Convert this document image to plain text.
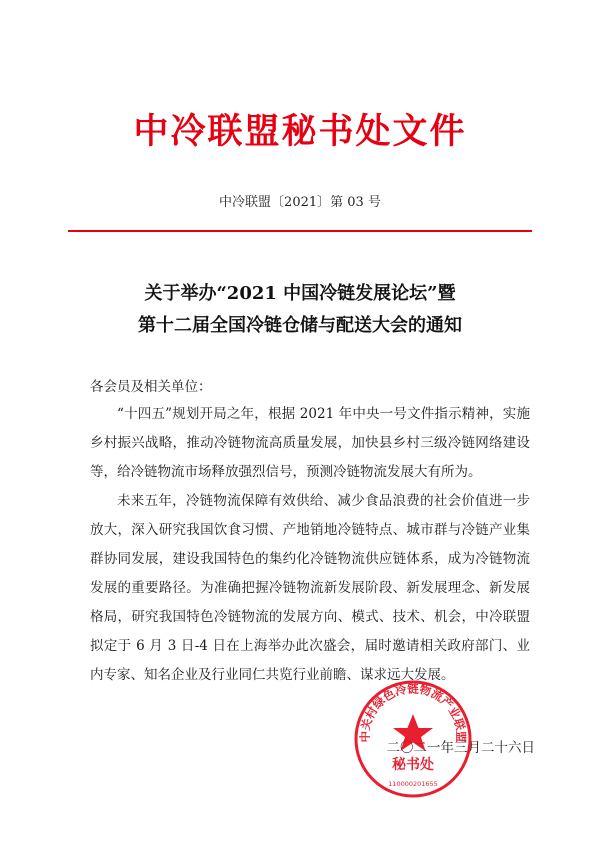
中冷联盟秘书处文件
中冷联盟〔2021〕第 03 号
关于举办“2021 中国冷链发展论坛”暨
第十二届全国冷链仓储与配送大会的通知
各会员及相关单位：

“十四五”规划开局之年，根据 2021 年中央一号文件指示精神，实施乡村振兴战略，推动冷链物流高质量发展，加快县乡村三级冷链网络建设等，给冷链物流市场释放强烈信号，预测冷链物流发展大有所为。

未来五年，冷链物流保障有效供给、减少食品浪费的社会价值进一步放大，深入研究我国饮食习惯、产地销地冷链特点、城市群与冷链产业集群协同发展，建设我国特色的集约化冷链物流供应链体系，成为冷链物流发展的重要路径。为准确把握冷链物流新发展阶段、新发展理念、新发展格局，研究我国特色冷链物流的发展方向、模式、技术、机会，中冷联盟拟定于 6 月 3 日-4 日在上海举办此次盛会，届时邀请相关政府部门、业内专家、知名企业及行业同仁共览行业前瞻、谋求远大发展。

二〇二一年三月二十六日
中关村绿色冷链物流产业联盟
秘书处
110000201655
